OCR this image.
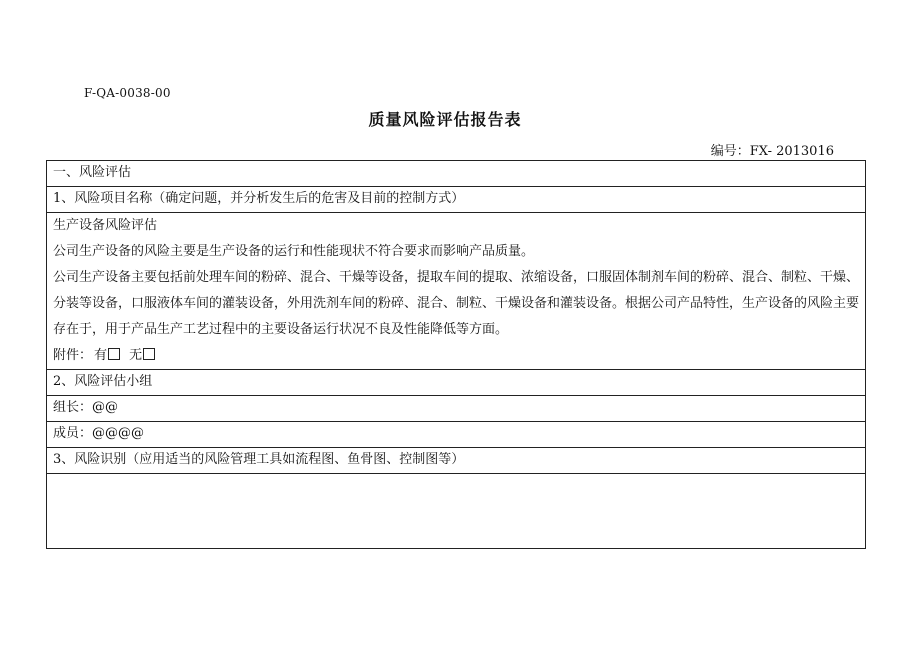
F-QA-0038-00
质量风险评估报告表
编号：FX- 2013016
一、风险评估
1、风险项目名称（确定问题，并分析发生后的危害及目前的控制方式）

生产设备风险评估

公司生产设备的风险主要是生产设备的运行和性能现状不符合要求而影响产品质量。

公司生产设备主要包括前处理车间的粉碎、混合、干燥等设备，提取车间的提取、浓缩设备，口服固体制剂车间的粉碎、混合、制粒、干燥、

分装等设备，口服液体车间的灌装设备，外用洗剂车间的粉碎、混合、制粒、干燥设备和灌装设备。根据公司产品特性，生产设备的风险主要

存在于，用于产品生产工艺过程中的主要设备运行状况不良及性能降低等方面。

附件： 有 无

2、风险评估小组
组长：@@
成员：@@@@
3、风险识别（应用适当的风险管理工具如流程图、鱼骨图、控制图等）
